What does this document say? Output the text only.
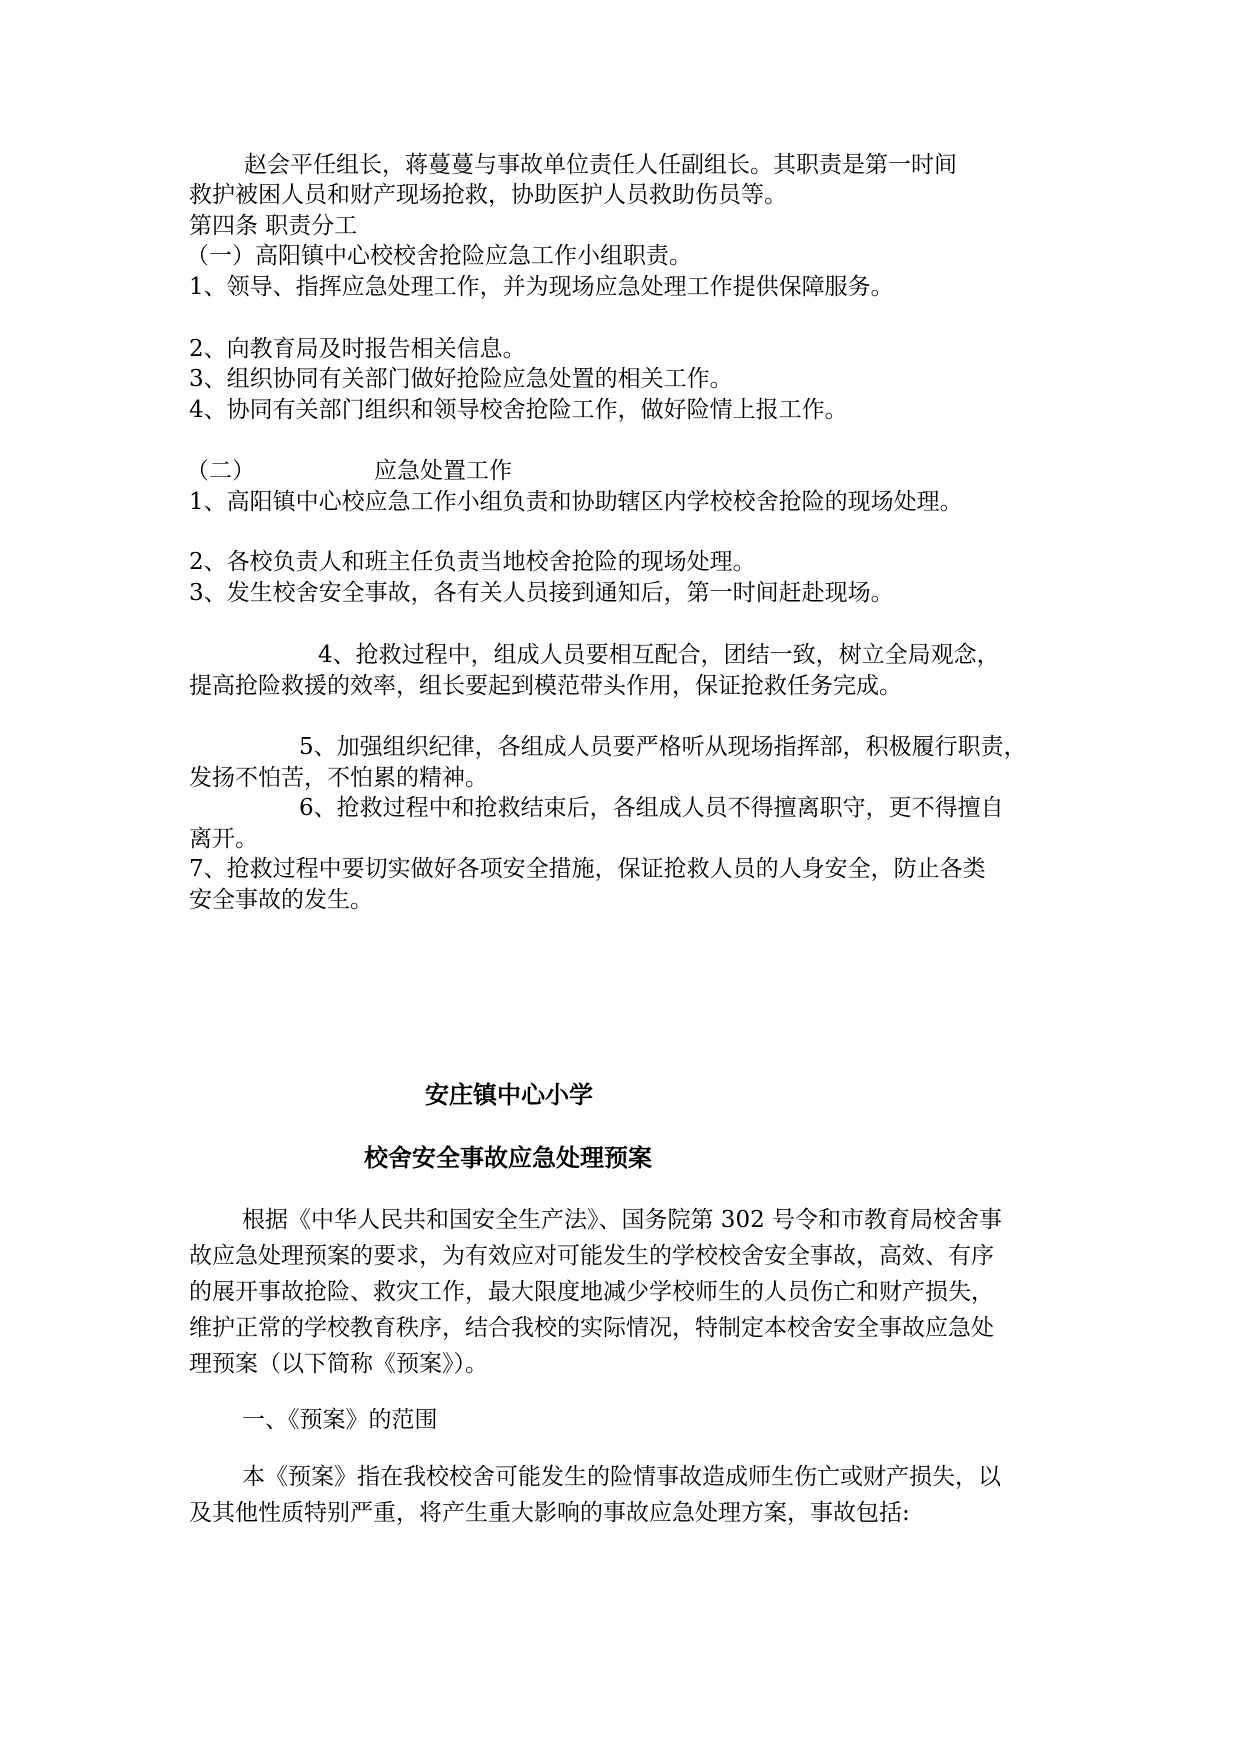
赵会平任组长，蒋蔓蔓与事故单位责任人任副组长。其职责是第一时间
救护被困人员和财产现场抢救，协助医护人员救助伤员等。
第四条 职责分工
（一）高阳镇中心校校舍抢险应急工作小组职责。
1、领导、指挥应急处理工作，并为现场应急处理工作提供保障服务。
2、向教育局及时报告相关信息。
3、组织协同有关部门做好抢险应急处置的相关工作。
4、协同有关部门组织和领导校舍抢险工作，做好险情上报工作。
（二）	应急处置工作
1、高阳镇中心校应急工作小组负责和协助辖区内学校校舍抢险的现场处理。
2、各校负责人和班主任负责当地校舍抢险的现场处理。
3、发生校舍安全事故，各有关人员接到通知后，第一时间赶赴现场。
4、抢救过程中，组成人员要相互配合，团结一致，树立全局观念，
提高抢险救援的效率，组长要起到模范带头作用，保证抢救任务完成。
5、加强组织纪律，各组成人员要严格听从现场指挥部，积极履行职责，
发扬不怕苦，不怕累的精神。
6、抢救过程中和抢救结束后，各组成人员不得擅离职守，更不得擅自
离开。
7、抢救过程中要切实做好各项安全措施，保证抢救人员的人身安全，防止各类
安全事故的发生。
安庄镇中心小学
校舍安全事故应急处理预案
根据《中华人民共和国安全生产法》、国务院第 302 号令和市教育局校舍事
故应急处理预案的要求，为有效应对可能发生的学校校舍安全事故，高效、有序
的展开事故抢险、救灾工作，最大限度地减少学校师生的人员伤亡和财产损失，
维护正常的学校教育秩序，结合我校的实际情况，特制定本校舍安全事故应急处
理预案（以下简称《预案》）。
一、《预案》的范围
本《预案》指在我校校舍可能发生的险情事故造成师生伤亡或财产损失，以
及其他性质特别严重，将产生重大影响的事故应急处理方案，事故包括:
